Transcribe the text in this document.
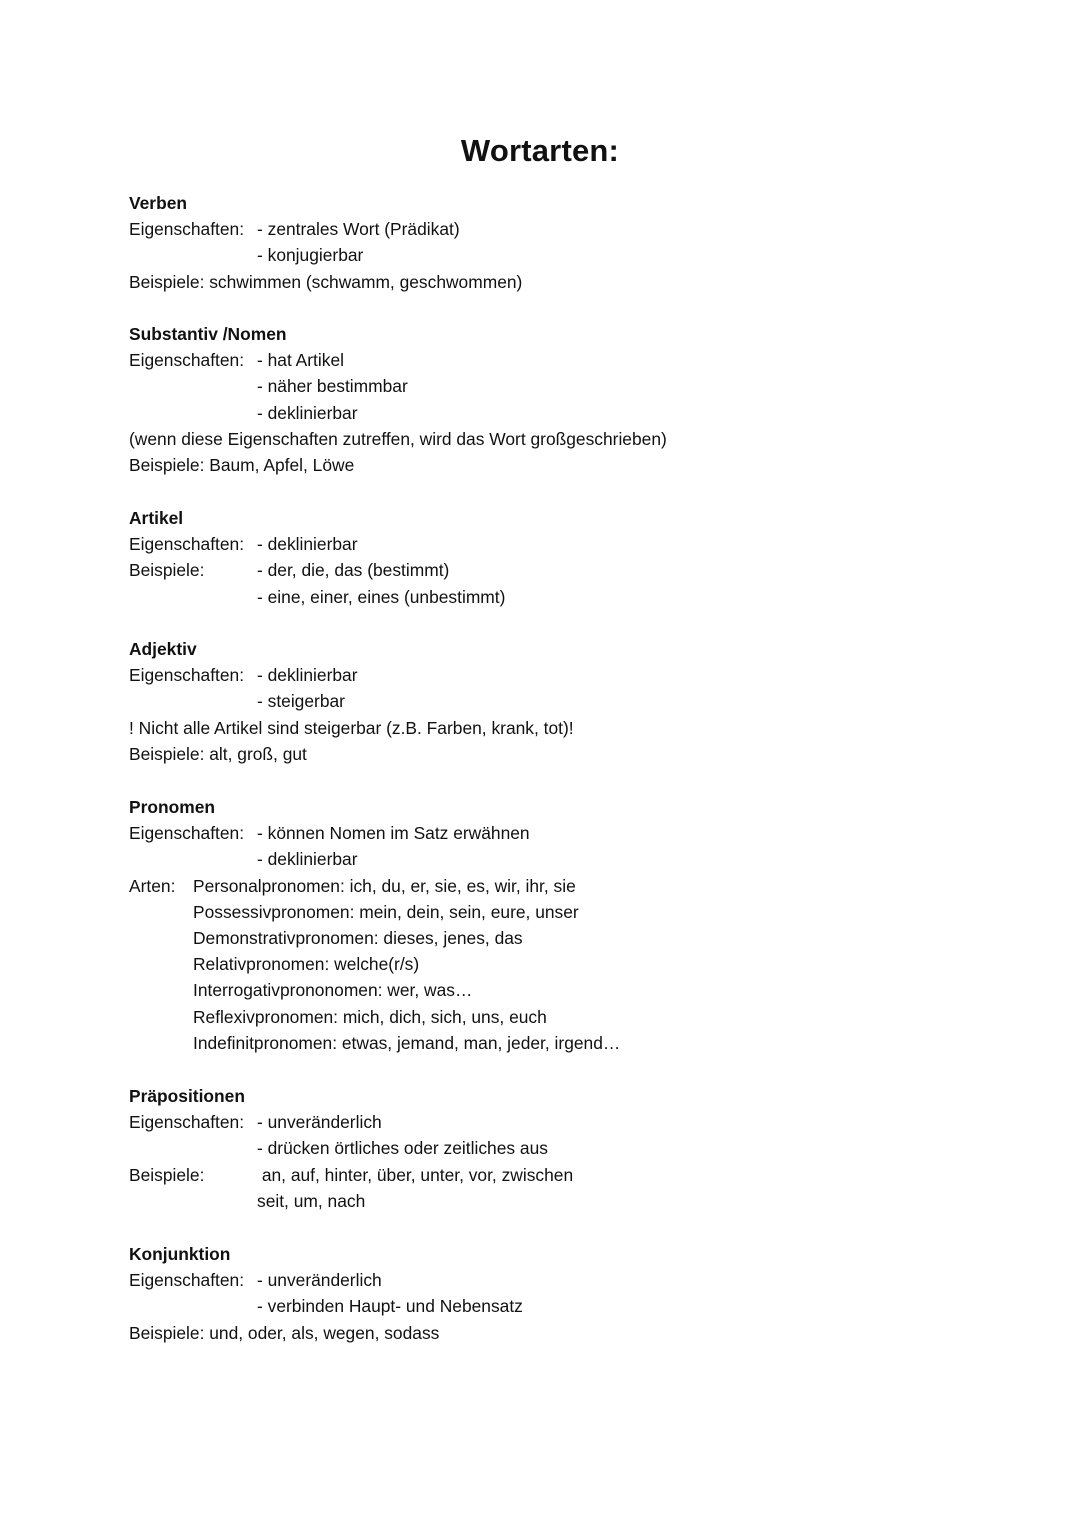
Wortarten:
Verben
Eigenschaften: - zentrales Wort (Prädikat)
- konjugierbar
Beispiele: schwimmen (schwamm, geschwommen)
Substantiv /Nomen
Eigenschaften: - hat Artikel
- näher bestimmbar
- deklinierbar
(wenn diese Eigenschaften zutreffen, wird das Wort großgeschrieben)
Beispiele: Baum, Apfel, Löwe
Artikel
Eigenschaften: - deklinierbar
Beispiele:	- der, die, das (bestimmt)
- eine, einer, eines (unbestimmt)
Adjektiv
Eigenschaften: - deklinierbar
- steigerbar
! Nicht alle Artikel sind steigerbar (z.B. Farben, krank, tot)!
Beispiele: alt, groß, gut
Pronomen
Eigenschaften: - können Nomen im Satz erwähnen
- deklinierbar
Arten: Personalpronomen: ich, du, er, sie, es, wir, ihr, sie
Possessivpronomen: mein, dein, sein, eure, unser
Demonstrativpronomen: dieses, jenes, das
Relativpronomen: welche(r/s)
Interrogativprononomen: wer, was…
Reflexivpronomen: mich, dich, sich, uns, euch
Indefinitpronomen: etwas, jemand, man, jeder, irgend…
Präpositionen
Eigenschaften: - unveränderlich
- drücken örtliches oder zeitliches aus
Beispiele:	an, auf, hinter, über, unter, vor, zwischen
seit, um, nach
Konjunktion
Eigenschaften: - unveränderlich
- verbinden Haupt- und Nebensatz
Beispiele: und, oder, als, wegen, sodass
